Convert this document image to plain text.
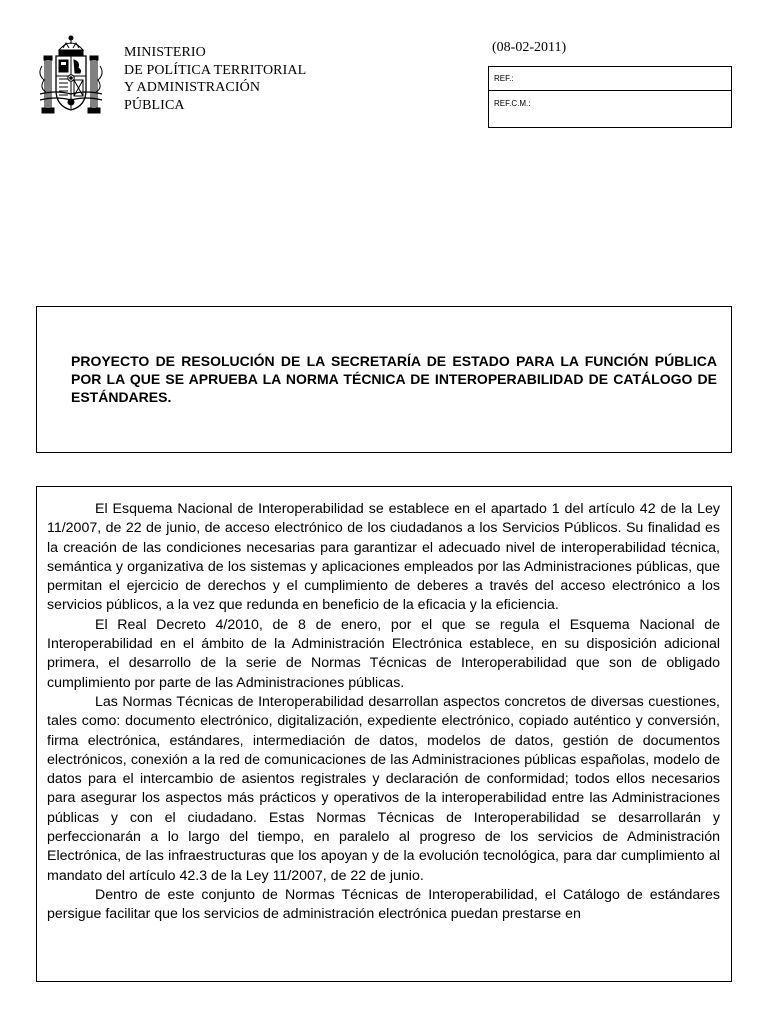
MINISTERIO
DE POLÍTICA TERRITORIAL
Y ADMINISTRACIÓN
PÚBLICA
(08-02-2011)
REF.:
REF.C.M.:
PROYECTO DE RESOLUCIÓN DE LA SECRETARÍA DE ESTADO PARA LA FUNCIÓN PÚBLICA POR LA QUE SE APRUEBA LA NORMA TÉCNICA DE INTEROPERABILIDAD DE CATÁLOGO DE ESTÁNDARES.

El Esquema Nacional de Interoperabilidad se establece en el apartado 1 del artículo 42 de la Ley 11/2007, de 22 de junio, de acceso electrónico de los ciudadanos a los Servicios Públicos. Su finalidad es la creación de las condiciones necesarias para garantizar el adecuado nivel de interoperabilidad técnica, semántica y organizativa de los sistemas y aplicaciones empleados por las Administraciones públicas, que permitan el ejercicio de derechos y el cumplimiento de deberes a través del acceso electrónico a los servicios públicos, a la vez que redunda en beneficio de la eficacia y la eficiencia.

El Real Decreto 4/2010, de 8 de enero, por el que se regula el Esquema Nacional de Interoperabilidad en el ámbito de la Administración Electrónica establece, en su disposición adicional primera, el desarrollo de la serie de Normas Técnicas de Interoperabilidad que son de obligado cumplimiento por parte de las Administraciones públicas.

Las Normas Técnicas de Interoperabilidad desarrollan aspectos concretos de diversas cuestiones, tales como: documento electrónico, digitalización, expediente electrónico, copiado auténtico y conversión, firma electrónica, estándares, intermediación de datos, modelos de datos, gestión de documentos electrónicos, conexión a la red de comunicaciones de las Administraciones públicas españolas, modelo de datos para el intercambio de asientos registrales y declaración de conformidad; todos ellos necesarios para asegurar los aspectos más prácticos y operativos de la interoperabilidad entre las Administraciones públicas y con el ciudadano. Estas Normas Técnicas de Interoperabilidad se desarrollarán y perfeccionarán a lo largo del tiempo, en paralelo al progreso de los servicios de Administración Electrónica, de las infraestructuras que los apoyan y de la evolución tecnológica, para dar cumplimiento al mandato del artículo 42.3 de la Ley 11/2007, de 22 de junio.

Dentro de este conjunto de Normas Técnicas de Interoperabilidad, el Catálogo de estándares persigue facilitar que los servicios de administración electrónica puedan prestarse en
